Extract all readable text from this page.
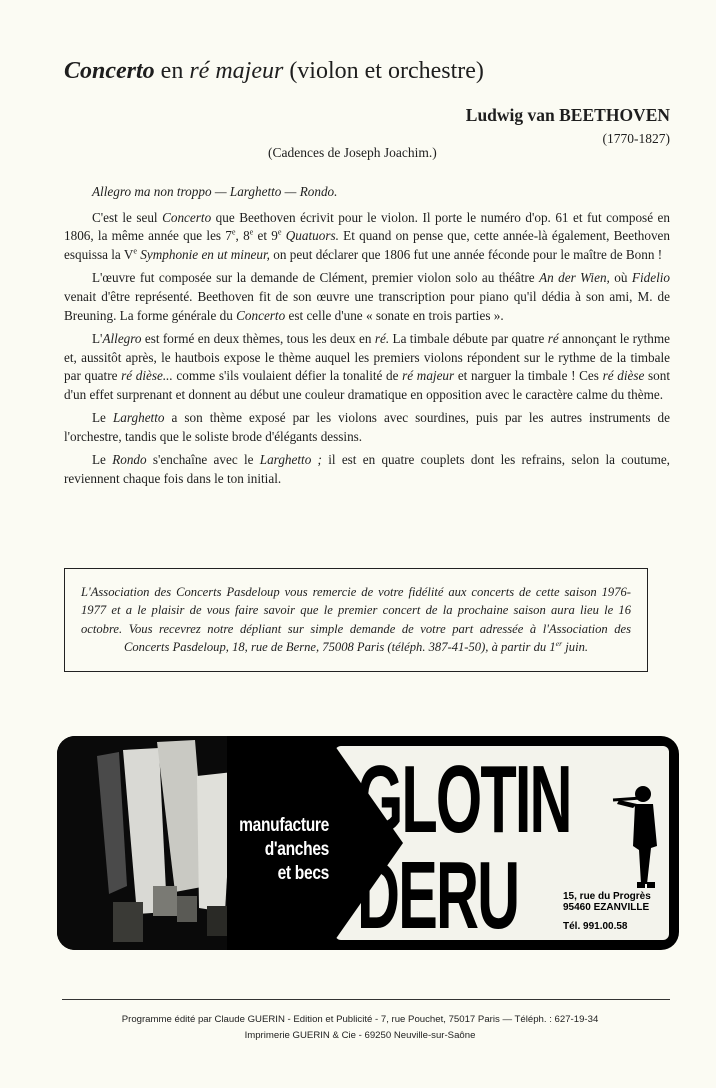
Concerto en ré majeur (violon et orchestre)
Ludwig van BEETHOVEN
(1770-1827)
(Cadences de Joseph Joachim.)

Allegro ma non troppo — Larghetto — Rondo.

C'est le seul Concerto que Beethoven écrivit pour le violon. Il porte le numéro d'op. 61 et fut composé en 1806, la même année que les 7e, 8e et 9e Quatuors. Et quand on pense que, cette année-là également, Beethoven esquissa la Ve Symphonie en ut mineur, on peut déclarer que 1806 fut une année féconde pour le maître de Bonn !

L'œuvre fut composée sur la demande de Clément, premier violon solo au théâtre An der Wien, où Fidelio venait d'être représenté. Beethoven fit de son œuvre une transcription pour piano qu'il dédia à son ami, M. de Breuning. La forme générale du Concerto est celle d'une « sonate en trois parties ».

L'Allegro est formé en deux thèmes, tous les deux en ré. La timbale débute par quatre ré annonçant le rythme et, aussitôt après, le hautbois expose le thème auquel les premiers violons répondent sur le rythme de la timbale par quatre ré dièse... comme s'ils voulaient défier la tonalité de ré majeur et narguer la timbale ! Ces ré dièse sont d'un effet surprenant et donnent au début une couleur dramatique en opposition avec le caractère calme du thème.

Le Larghetto a son thème exposé par les violons avec sourdines, puis par les autres instruments de l'orchestre, tandis que le soliste brode d'élégants dessins.

Le Rondo s'enchaîne avec le Larghetto ; il est en quatre couplets dont les refrains, selon la coutume, reviennent chaque fois dans le ton initial.

L'Association des Concerts Pasdeloup vous remercie de votre fidélité aux concerts de cette saison 1976-1977 et a le plaisir de vous faire savoir que le premier concert de la prochaine saison aura lieu le 16 octobre. Vous recevrez notre dépliant sur simple demande de votre part adressée à l'Association des Concerts Pasdeloup, 18, rue de Berne, 75008 Paris (téléph. 387-41-50), à partir du 1er juin.
manufacture
d'anches
et becs
GLOTIN
DERU	15, rue du Progrès
95460 EZANVILLE
Tél. 991.00.58
Programme édité par Claude GUERIN - Edition et Publicité - 7, rue Pouchet, 75017 Paris — Téléph. : 627-19-34
Imprimerie GUERIN & Cie - 69250 Neuville-sur-Saône
